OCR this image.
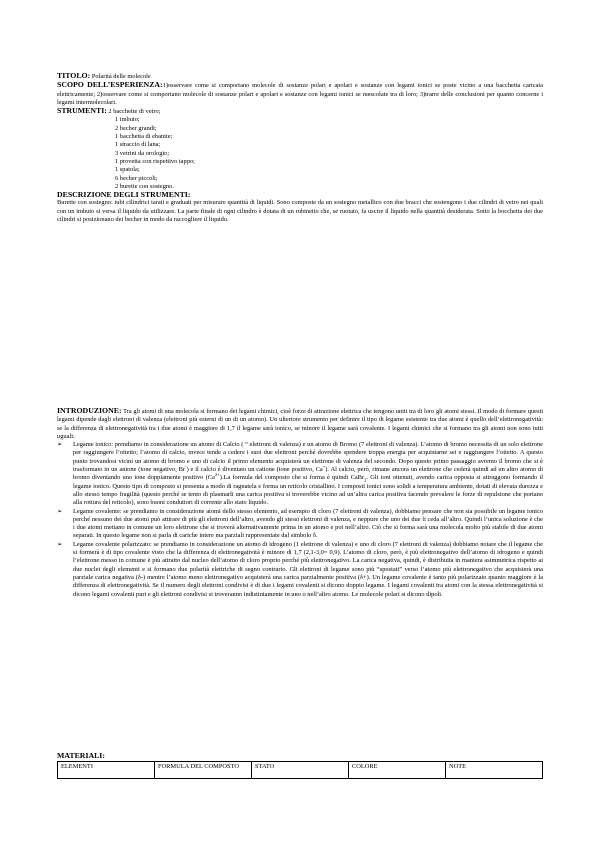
TITOLO: Polarità delle molecole

SCOPO DELL’ESPERIENZA:1)osservare come si comportano molecole di sostanze polari e apolari e sostanze con legami ionici se poste vicino a una bacchetta caricata elettricamente; 2)osservare come si comportano molecole di sostanze polari e apolari e sostanze con legami ionici se mescolate tra di loro; 3)trarre delle conclusioni per quanto concerne i legami intermolecolari.

STRUMENTI: 2 bacchette di vetro;

1 imbuto;
2 becher grandi;
1 bacchetta di ebanite;
1 straccio di lana;
3 vetrini da orologio;
1 provetta con rispettivo tappo;
1 spatola;
6 becher piccoli;
2 burette con sostegno.

DESCRIZIONE DEGLI STRUMENTI:

Burette con sostegno: tubi cilindrici tarati e graduati per misurare quantità di liquidi. Sono composte da un sostegno metallico con due bracci che sostengono i due cilindri di vetro nei quali con un imbuto si versa il liquido da utilizzare. La parte finale di ogni cilindro è dotata di un rubinetto che, se ruotato, fa uscire il liquido nella quantità desiderata. Sotto la bocchetta dei due cilindri si posizionano dei becher in modo da raccogliere il liquido.

INTRODUZIONE: Tra gli atomi di una molecola si formano dei legami chimici, cioè forze di attrazione elettrica che tengono uniti tra di loro gli atomi stessi. Il modo di formare questi legami dipende dagli elettroni di valenza (elettroni più esterni di un di un atomo). Un ulteriore strumento per definire il tipo di legame esistente tra due atomi è quello dell’elettronegatività: se la differenza di elettronegatività tra i due atomi è maggiore di 1,7 il legame sarà ionico, se minore il legame sarà covalente. I legami chimici che si formano tra gli atomi non sono tutti uguali:

➢ Legame ionico: prendiamo in considerazione un atomo di Calcio ( “ elettroni di valenza) e un atomo di Bromo (7 elettroni di valenza). L’atomo di bromo necessita di un solo elettrone per raggiungere l’ottetto; l’atomo di calcio, invece tende a cedere i suoi due elettroni perché dovrebbe spendere troppa energia per acquistarne sei e raggiungere l’ottetto. A questo punto trovandosi vicini un atomo di bromo e uno di calcio il primo elemento acquisterà un elettrone di valenza del secondo. Dopo questo primo passaggio avremo il bromo che si è trasformato in un anione (ione negativo, Br-) e il calcio è diventato un catione (ione positivo, Ca+). Al calcio, però, rimane ancora un elettrone che cederà quindi ad un altro atomo di bromo diventando uno ione doppiamente positivo $(Ca^{2+}).La$ formula del composto che si forma è quindi CaBr$_2$. Gli ioni ottenuti, avendo carica opposta si attraggono formando il legame ionico. Questo tipo di composto si presenta a modo di ragnatela e forma un reticolo cristallino. I composti ionici sono solidi a temperatura ambiente, dotati di elevata durezza e allo stesso tempo fragilità (questo perché se tento di plasmarli una carica positiva si troverebbe vicino ad un’altra carica positiva facendo prevalere le forze di repulsione che portano alla rottura del reticolo), sono buoni conduttori di corrente allo stato liquido.
➢ Legame covalente: se prendiamo in considerazione atomi dello stesso elemento, ad esempio di cloro (7 elettroni di valenza), dobbiamo pensare che non sia possibile un legame ionico perché nessuno dei due atomi può attirare di più gli elettroni dell’altro, avendo gli stessi elettroni di valenza, e neppure che uno dei due li ceda all’altro. Quindi l’unica soluzione è che i due atomi mettano in comune un loro elettrone che si troverà alternativamente prima in un atomo e poi nell’altro. Ciò che si forma sarà una molecola molto più stabile di due atomi separati. In questo legame non si parla di cariche intere ma parziali rappresentate dal simbolo δ.
➢ Legame covalente polarizzato: se prendiamo in considerazione un atomo di idrogeno (1 elettrone di valenza) e uno di cloro (7 elettroni di valenza) dobbiamo notare che il legame che si formerà è di tipo covalente visto che la differenza di elettronegatività è minore di 1,7 (2,1-3,0= 0,9). L’atomo di cloro, però, è più elettronegativo dell’atomo di idrogeno e quindi l’elettrone messo in comune è più attratto dal nucleo dell’atomo di cloro proprio perché più elettronegativo. La carica negativa, quindi, è distribuita in maniera asimmetrica rispetto ai due nuclei degli elementi e si formano due polarità elettriche di segno contrario. Gli elettroni di legame sono più “spostati” verso l’atomo più elettronegativo che acquisterà una parziale carica negativa (δ-) mentre l’atomo meno elettronegativo acquisterà una carica parzialmente positiva (δ+). Un legame covalente è tanto più polarizzato quanto maggiore è la differenza di elettronegatività. Se il numero degli elettroni condivisi è di due i legami covalenti si dicono doppio legame. I legami covalenti tra atomi con la stessa elettronegatività si dicono legami covalenti puri e gli elettroni condivisi si troveranno indistintamente in uno o nell’altro atomo. Le molecole polari si dicono dipoli.
MATERIALI:
ELEMENTI	FORMULA DEL COMPOSTO	STATO	COLORE	NOTE
